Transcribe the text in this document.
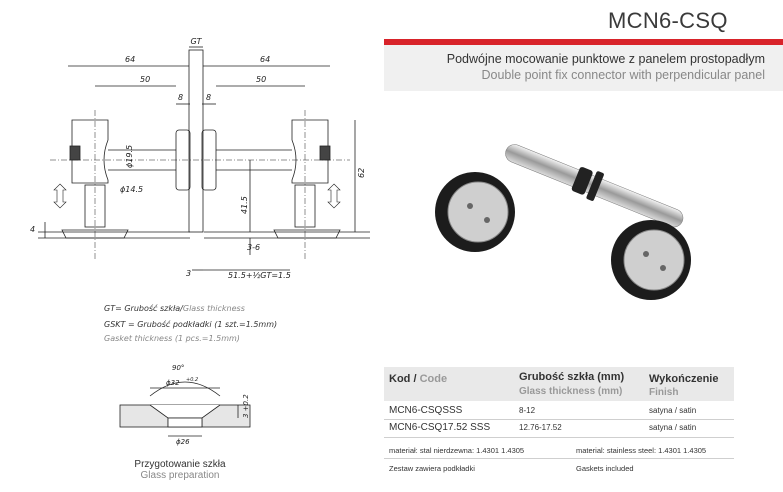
MCN6-CSQ
Podwójne mocowanie punktowe z panelem prostopadłym
Double point fix connector with perpendicular panel
GT
64	64
50	50
8	8
ϕ14.5
4
3-6
3	51.5+½GT=1.5
ϕ19.5
62
41.5
GT= Grubość szkła/Glass thickness
GSKT = Grubość podkładki (1 szt.=1.5mm)
Gasket thickness (1 pcs.=1.5mm)
90°
ϕ32 +0.2
ϕ26
3 +0.2
Przygotowanie szkła
Glass preparation
Kod / Code	Grubość szkła (mm)
Glass thickness (mm)
Wykończenie
Finish
MCN6-CSQSSS	8-12	satyna / satin
MCN6-CSQ17.52 SSS	12.76-17.52	satyna / satin
materiał: stal nierdzewna: 1.4301 1.4305	material: stainless steel: 1.4301 1.4305
Zestaw zawiera podkładki	Gaskets included
